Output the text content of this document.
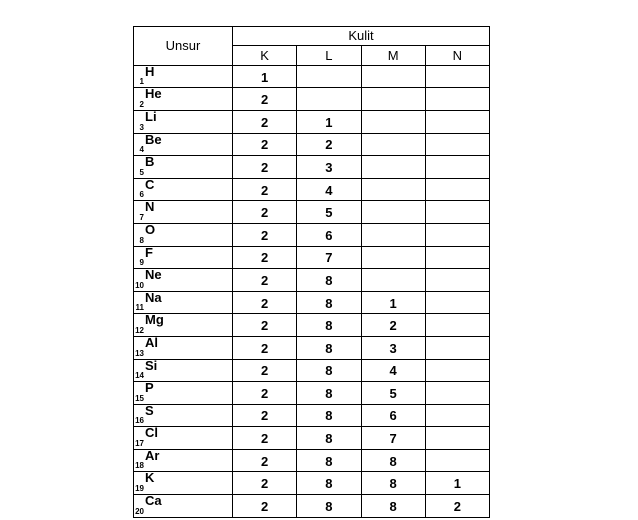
Unsur	Kulit			
	K	L	M	N
1H	1			
2He	2			
3Li	2	1		
4Be	2	2		
5B	2	3		
6C	2	4		
7N	2	5		
8O	2	6		
9F	2	7		
10Ne	2	8		
11Na	2	8	1	
12Mg	2	8	2	
13Al	2	8	3	
14Si	2	8	4	
15P	2	8	5	
16S	2	8	6	
17Cl	2	8	7	
18Ar	2	8	8	
19K	2	8	8	1
20Ca	2	8	8	2
